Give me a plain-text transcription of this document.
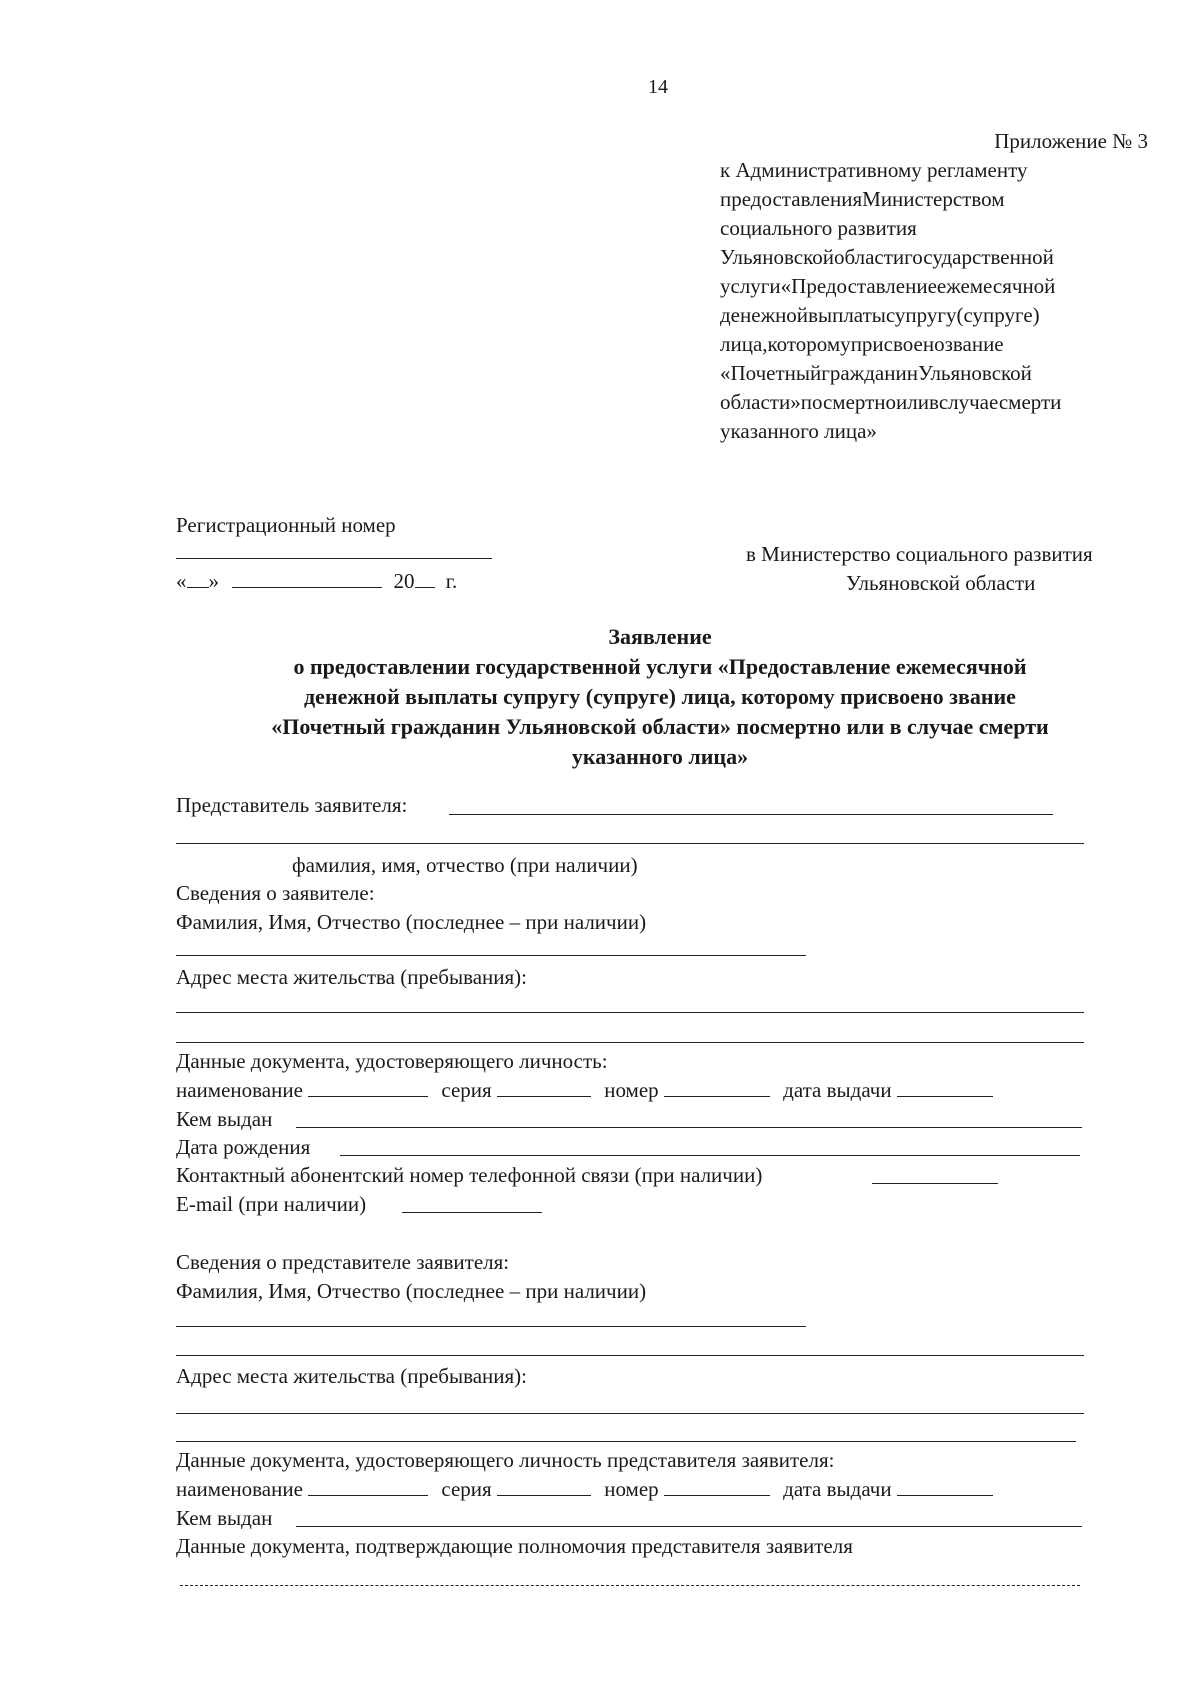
14
Приложение № 3
к Административному регламенту
предоставленияМинистерством
социального развития
Ульяновскойобластигосударственной
услуги«Предоставлениеежемесячной
денежнойвыплатысупругу(супруге)
лица,которомуприсвоенозвание
«ПочетныйгражданинУльяновской
области»посмертноиливслучаесмерти
указанного лица»
Регистрационный номер
« »	20 г.
в Министерство социального развития
Ульяновской области
Заявление
о предоставлении государственной услуги «Предоставление ежемесячной
денежной выплаты супругу (супруге) лица, которому присвоено звание
«Почетный гражданин Ульяновской области» посмертно или в случае смерти
указанного лица»
Представитель заявителя:
фамилия, имя, отчество (при наличии)
Сведения о заявителе:
Фамилия, Имя, Отчество (последнее – при наличии)
Адрес места жительства (пребывания):
Данные документа, удостоверяющего личность:
наименование	серия	номер	дата выдачи
Кем выдан
Дата рождения
Контактный абонентский номер телефонной связи (при наличии)
E-mail (при наличии)
Сведения о представителе заявителя:
Фамилия, Имя, Отчество (последнее – при наличии)
Адрес места жительства (пребывания):
Данные документа, удостоверяющего личность представителя заявителя:
наименование	серия	номер	дата выдачи
Кем выдан
Данные документа, подтверждающие полномочия представителя заявителя
